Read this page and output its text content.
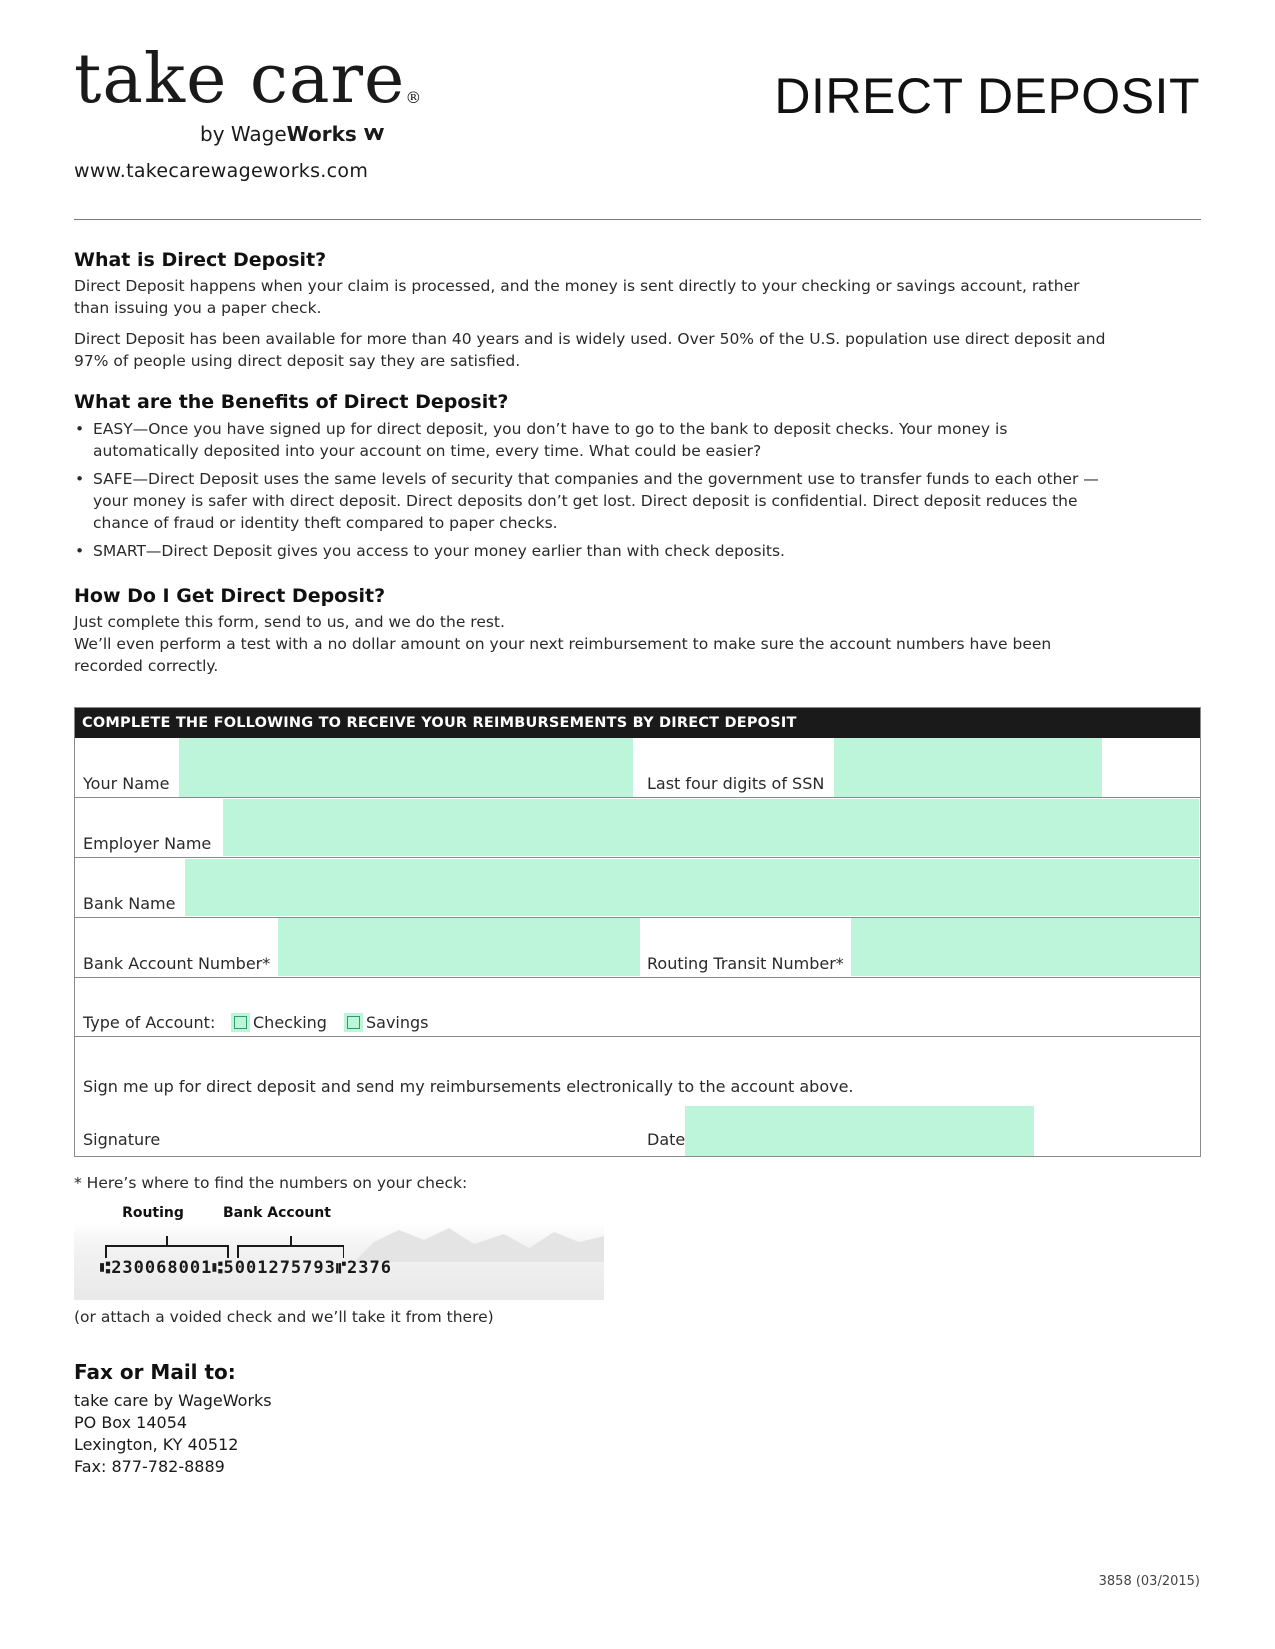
take care®
by WageWorks
www.takecarewageworks.com
DIRECT DEPOSIT
What is Direct Deposit?

Direct Deposit happens when your claim is processed, and the money is sent directly to your checking or savings account, rather than issuing you a paper check.

Direct Deposit has been available for more than 40 years and is widely used. Over 50% of the U.S. population use direct deposit and 97% of people using direct deposit say they are satisfied.

What are the Benefits of Direct Deposit?
• EASY—Once you have signed up for direct deposit, you don’t have to go to the bank to deposit checks. Your money is automatically deposited into your account on time, every time. What could be easier?
• SAFE—Direct Deposit uses the same levels of security that companies and the government use to transfer funds to each other — your money is safer with direct deposit. Direct deposits don’t get lost. Direct deposit is confidential. Direct deposit reduces the chance of fraud or identity theft compared to paper checks.
• SMART—Direct Deposit gives you access to your money earlier than with check deposits.
How Do I Get Direct Deposit?

Just complete this form, send to us, and we do the rest.

We’ll even perform a test with a no dollar amount on your next reimbursement to make sure the account numbers have been recorded correctly.

COMPLETE THE FOLLOWING TO RECEIVE YOUR REIMBURSEMENTS BY DIRECT DEPOSIT
Your Name	Last four digits of SSN
Employer Name
Bank Name
Bank Account Number*	Routing Transit Number*
Type of Account:	Checking	Savings
Sign me up for direct deposit and send my reimbursements electronically to the account above.
Signature	Date
* Here’s where to find the numbers on your check:
Routing	Bank Account
⑆230068001⑆5001275793⑈2376
(or attach a voided check and we’ll take it from there)
Fax or Mail to:
take care by WageWorks
PO Box 14054
Lexington, KY 40512
Fax: 877-782-8889
3858 (03/2015)
